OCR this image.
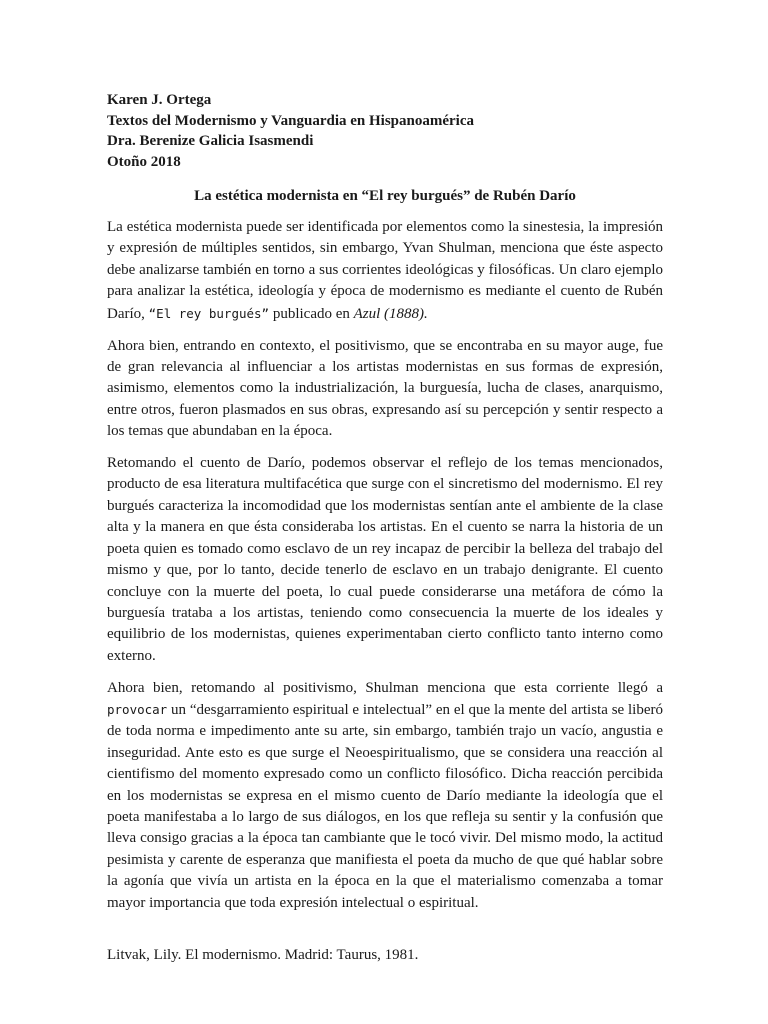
Karen J. Ortega

Textos del Modernismo y Vanguardia en Hispanoamérica

Dra. Berenize Galicia Isasmendi

Otoño 2018

La estética modernista en “El rey burgués” de Rubén Darío

La estética modernista puede ser identificada por elementos como la sinestesia, la impresión y expresión de múltiples sentidos, sin embargo, Yvan Shulman, menciona que éste aspecto debe analizarse también en torno a sus corrientes ideológicas y filosóficas. Un claro ejemplo para analizar la estética, ideología y época de modernismo es mediante el cuento de Rubén Darío, “El rey burgués” publicado en Azul (1888).

Ahora bien, entrando en contexto, el positivismo, que se encontraba en su mayor auge, fue de gran relevancia al influenciar a los artistas modernistas en sus formas de expresión, asimismo, elementos como la industrialización, la burguesía, lucha de clases, anarquismo, entre otros, fueron plasmados en sus obras, expresando así su percepción y sentir respecto a los temas que abundaban en la época.

Retomando el cuento de Darío, podemos observar el reflejo de los temas mencionados, producto de esa literatura multifacética que surge con el sincretismo del modernismo. El rey burgués caracteriza la incomodidad que los modernistas sentían ante el ambiente de la clase alta y la manera en que ésta consideraba los artistas. En el cuento se narra la historia de un poeta quien es tomado como esclavo de un rey incapaz de percibir la belleza del trabajo del mismo y que, por lo tanto, decide tenerlo de esclavo en un trabajo denigrante. El cuento concluye con la muerte del poeta, lo cual puede considerarse una metáfora de cómo la burguesía trataba a los artistas, teniendo como consecuencia la muerte de los ideales y equilibrio de los modernistas, quienes experimentaban cierto conflicto tanto interno como externo.

Ahora bien, retomando al positivismo, Shulman menciona que esta corriente llegó a provocar un “desgarramiento espiritual e intelectual” en el que la mente del artista se liberó de toda norma e impedimento ante su arte, sin embargo, también trajo un vacío, angustia e inseguridad. Ante esto es que surge el Neoespiritualismo, que se considera una reacción al cientifismo del momento expresado como un conflicto filosófico. Dicha reacción percibida en los modernistas se expresa en el mismo cuento de Darío mediante la ideología que el poeta manifestaba a lo largo de sus diálogos, en los que refleja su sentir y la confusión que lleva consigo gracias a la época tan cambiante que le tocó vivir. Del mismo modo, la actitud pesimista y carente de esperanza que manifiesta el poeta da mucho de que qué hablar sobre la agonía que vivía un artista en la época en la que el materialismo comenzaba a tomar mayor importancia que toda expresión intelectual o espiritual.

Litvak, Lily. El modernismo. Madrid: Taurus, 1981.
